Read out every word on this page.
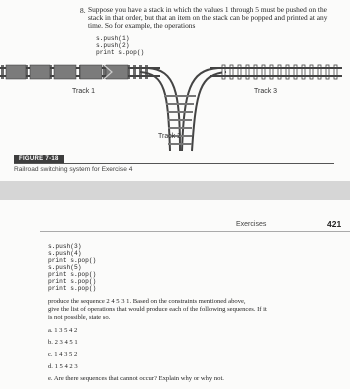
8. Suppose you have a stack in which the values 1 through 5 must be pushed on the
stack in that order, but that an item on the stack can be popped and printed at any
time. So for example, the operations
s.push(1)
s.push(2)
print s.pop()
Track 1
Track 2
Track 3
FIGURE 7-18
Railroad switching system for Exercise 4
Exercises	421
s.push(3)
s.push(4)
print s.pop()
s.push(5)
print s.pop()
print s.pop()
print s.pop()
produce the sequence 2 4 5 3 1. Based on the constraints mentioned above,
give the list of operations that would produce each of the following sequences. If it
is not possible, state so.
a. 1 3 5 4 2
b. 2 3 4 5 1
c. 1 4 3 5 2
d. 1 5 4 2 3
e. Are there sequences that cannot occur? Explain why or why not.
